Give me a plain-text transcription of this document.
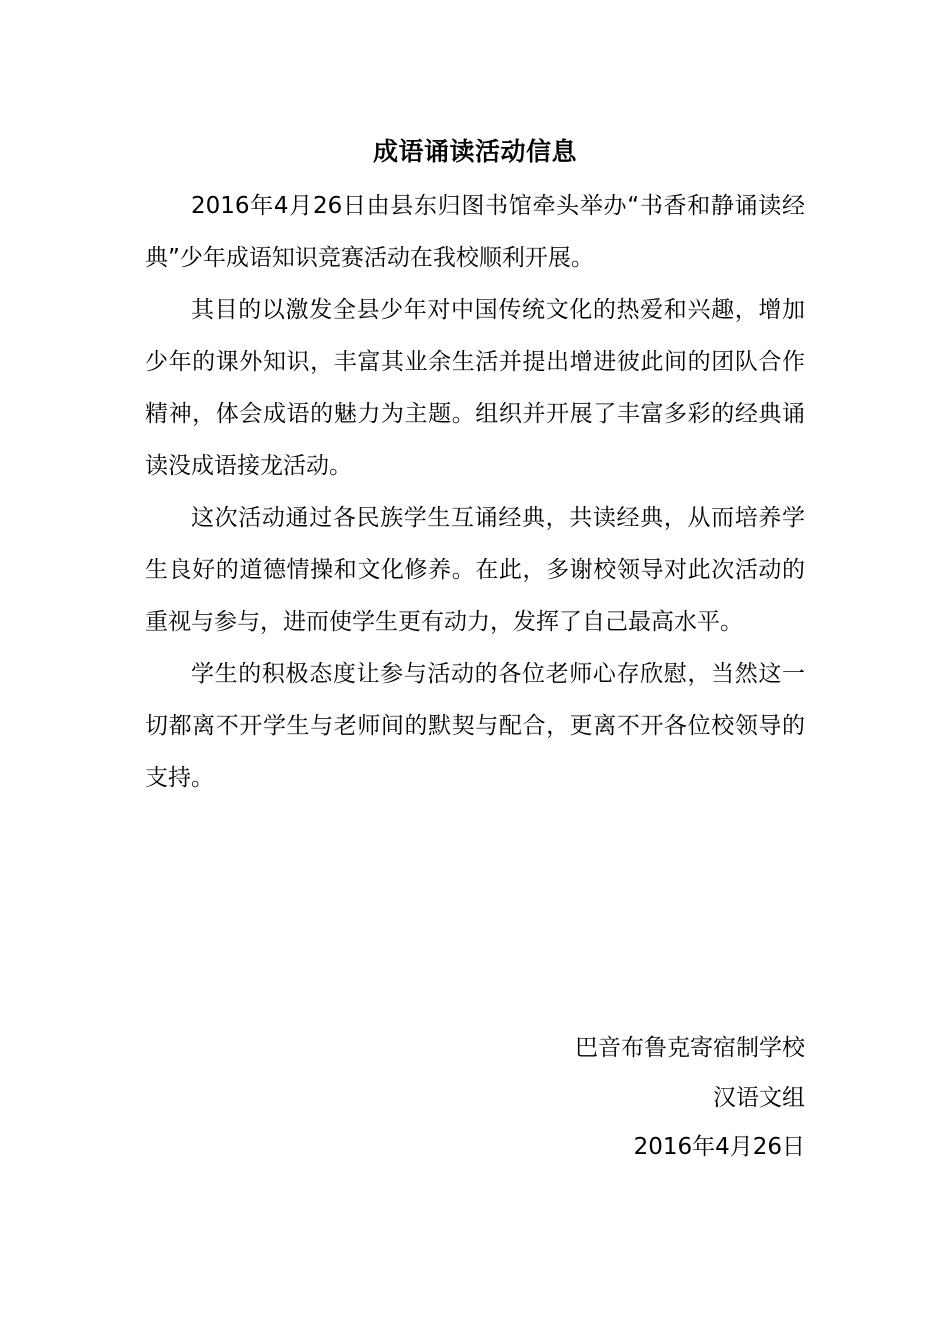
成语诵读活动信息

2016年4月26日由县东归图书馆牵头举办“书香和静诵读经典”少年成语知识竞赛活动在我校顺利开展。

其目的以激发全县少年对中国传统文化的热爱和兴趣，增加少年的课外知识，丰富其业余生活并提出增进彼此间的团队合作精神，体会成语的魅力为主题。组织并开展了丰富多彩的经典诵读没成语接龙活动。

这次活动通过各民族学生互诵经典，共读经典，从而培养学生良好的道德情操和文化修养。在此，多谢校领导对此次活动的重视与参与，进而使学生更有动力，发挥了自己最高水平。

学生的积极态度让参与活动的各位老师心存欣慰，当然这一切都离不开学生与老师间的默契与配合，更离不开各位校领导的支持。

巴音布鲁克寄宿制学校
汉语文组
2016年4月26日
